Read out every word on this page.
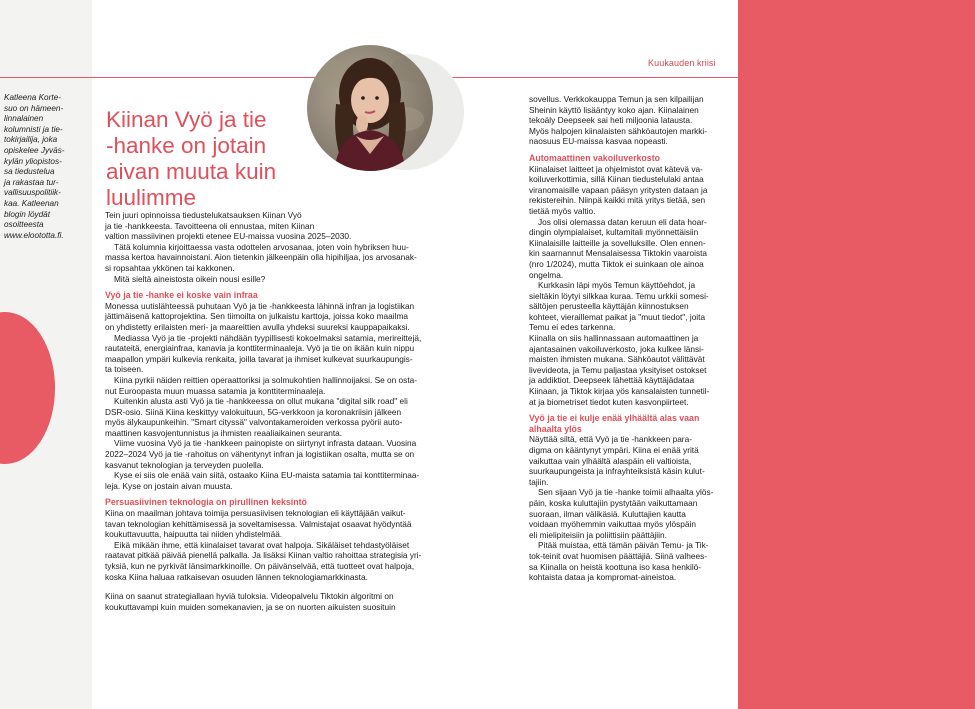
Kuukauden kriisi
Katleena Korte-
suo on hämeen-
linnalainen
kolumnisti ja tie-
tokirjailija, joka
opiskelee Jyväs-
kylän yliopistos-
sa tiedustelua
ja rakastaa tur-
vallisuuspolitiik-
kaa. Katleenan
blogin löydät
osoitteesta
www.eloototta.fi.
Kiinan Vyö ja tie
-hanke on jotain
aivan muuta kuin
luulimme

Tein juuri opinnoissa tiedustelukatsauksen Kiinan Vyö
ja tie -hankkeesta. Tavoitteena oli ennustaa, miten Kiinan
valtion massiivinen projekti etenee EU-maissa vuosina 2025–2030.

Tätä kolumnia kirjoittaessa vasta odottelen arvosanaa, joten voin hybriksen huu-
massa kertoa havainnoistani. Aion tietenkin jälkeenpäin olla hipihiljaa, jos arvosanak-
si ropsahtaa ykkönen tai kakkonen.

Mitä sieltä aineistosta oikein nousi esille?

Vyö ja tie -hanke ei koske vain infraa

Monessa uutislähteessä puhutaan Vyö ja tie -hankkeesta lähinnä infran ja logistiikan
jättimäisenä kattoprojektina. Sen tiimoilta on julkaistu karttoja, joissa koko maailma
on yhdistetty erilaisten meri- ja maareittien avulla yhdeksi suureksi kauppapaikaksi.

Mediassa Vyö ja tie -projekti nähdään tyypillisesti kokoelmaksi satamia, merireittejä,
rautateitä, energiainfraa, kanavia ja konttiterminaaleja. Vyö ja tie on ikään kuin nippu
maapallon ympäri kulkevia renkaita, joilla tavarat ja ihmiset kulkevat suurkaupungis-
ta toiseen.

Kiina pyrkii näiden reittien operaattoriksi ja solmukohtien hallinnoijaksi. Se on osta-
nut Euroopasta muun muassa satamia ja konttiterminaaleja.

Kuitenkin alusta asti Vyö ja tie -hankkeessa on ollut mukana "digital silk road" eli
DSR-osio. Siinä Kiina keskittyy valokuituun, 5G-verkkoon ja koronakriisin jälkeen
myös älykaupunkeihin. "Smart cityssä" valvontakameroiden verkossa pyörii auto-
maattinen kasvojentunnistus ja ihmisten reaaliaikainen seuranta.

Viime vuosina Vyö ja tie -hankkeen painopiste on siirtynyt infrasta dataan. Vuosina
2022–2024 Vyö ja tie -rahoitus on vähentynyt infran ja logistiikan osalta, mutta se on
kasvanut teknologian ja terveyden puolella.

Kyse ei siis ole enää vain siitä, ostaako Kiina EU-maista satamia tai konttiterminaa-
leja. Kyse on jostain aivan muusta.

Persuasiivinen teknologia on pirullinen keksintö

Kiina on maailman johtava toimija persuasiivisen teknologian eli käyttäjään vaikut-
tavan teknologian kehittämisessä ja soveltamisessa. Valmistajat osaavat hyödyntää
koukuttavuutta, haipuutta tai niiden yhdistelmää.

Eikä mikään ihme, että kiinalaiset tavarat ovat halpoja. Sikäläiset tehdastyöläiset
raatavat pitkää päivää pienellä palkalla. Ja lisäksi Kiinan valtio rahoittaa strategisia yri-
tyksiä, kun ne pyrkivät länsimarkkinoille. On päivänselvää, että tuotteet ovat halpoja,
koska Kiina haluaa ratkaisevan osuuden lännen teknologiamarkkinasta.

Kiina on saanut strategiallaan hyviä tuloksia. Videopalvelu Tiktokin algoritmi on
koukuttavampi kuin muiden somekanavien, ja se on nuorten aikuisten suosituin

sovellus. Verkkokauppa Temun ja sen kilpailijan
Sheinin käyttö lisääntyy koko ajan. Kiinalainen
tekoäly Deepseek sai heti miljoonia latausta.
Myös halpojen kiinalaisten sähköautojen markki-
naosuus EU-maissa kasvaa nopeasti.

Automaattinen vakoiluverkosto

Kiinalaiset laitteet ja ohjelmistot ovat kätevä va-
koiluverkottimia, sillä Kiinan tiedustelulaki antaa
viranomaisille vapaan pääsyn yritysten dataan ja
rekistereihin. Niinpä kaikki mitä yritys tietää, sen
tietää myös valtio.

Jos olisi olemassa datan keruun eli data hoar-
dingin olympialaiset, kultamitali myönnettäisiin
Kiinalaisille laitteille ja sovelluksille. Olen ennen-
kin saarnannut Mensalaisessa Tiktokin vaaroista
(nro 1/2024), mutta Tiktok ei suinkaan ole ainoa
ongelma.

Kurkkasin läpi myös Temun käyttöehdot, ja
sieltäkin löytyi silkkaa kuraa. Temu urkkii somesi-
sältöjen perusteella käyttäjän kiinnostuksen
kohteet, vieraillemat paikat ja "muut tiedot", joita
Temu ei edes tarkenna.

Kiinalla on siis hallinnassaan automaattinen ja
ajantasainen vakoiluverkosto, joka kulkee länsi-
maisten ihmisten mukana. Sähköautot välittävät
livevideota, ja Temu paljastaa yksityiset ostokset
ja addiktiot. Deepseek lähettää käyttäjädataa
Kiinaan, ja Tiktok kirjaa yös kansalaisten tunnetil-
at ja biometriset tiedot kuten kasvonpiirteet.

Vyö ja tie ei kulje enää ylhäältä alas vaan
alhaalta ylös

Näyttää siltä, että Vyö ja tie -hankkeen para-
digma on kääntynyt ympäri. Kiina ei enää yritä
vaikuttaa vain ylhäältä alaspäin eli valtioista,
suurkaupungeista ja infrayhteiksistä käsin kulut-
tajiin.

Sen sijaan Vyö ja tie -hanke toimii alhaalta ylös-
päin, koska kuluttajiin pystytään vaikuttamaan
suoraan, ilman välikäsiä. Kuluttajien kautta
voidaan myöhemmin vaikuttaa myös ylöspäin
eli mielipiteisiin ja poliittisiin päättäjiin.

Pitää muistaa, että tämän päivän Temu- ja Tik-
tok-teinit ovat huomisen päättäjiä. Siinä valhees-
sa Kiinalla on heistä koottuna iso kasa henkilö-
kohtaista dataa ja kompromat-aineistoa.
